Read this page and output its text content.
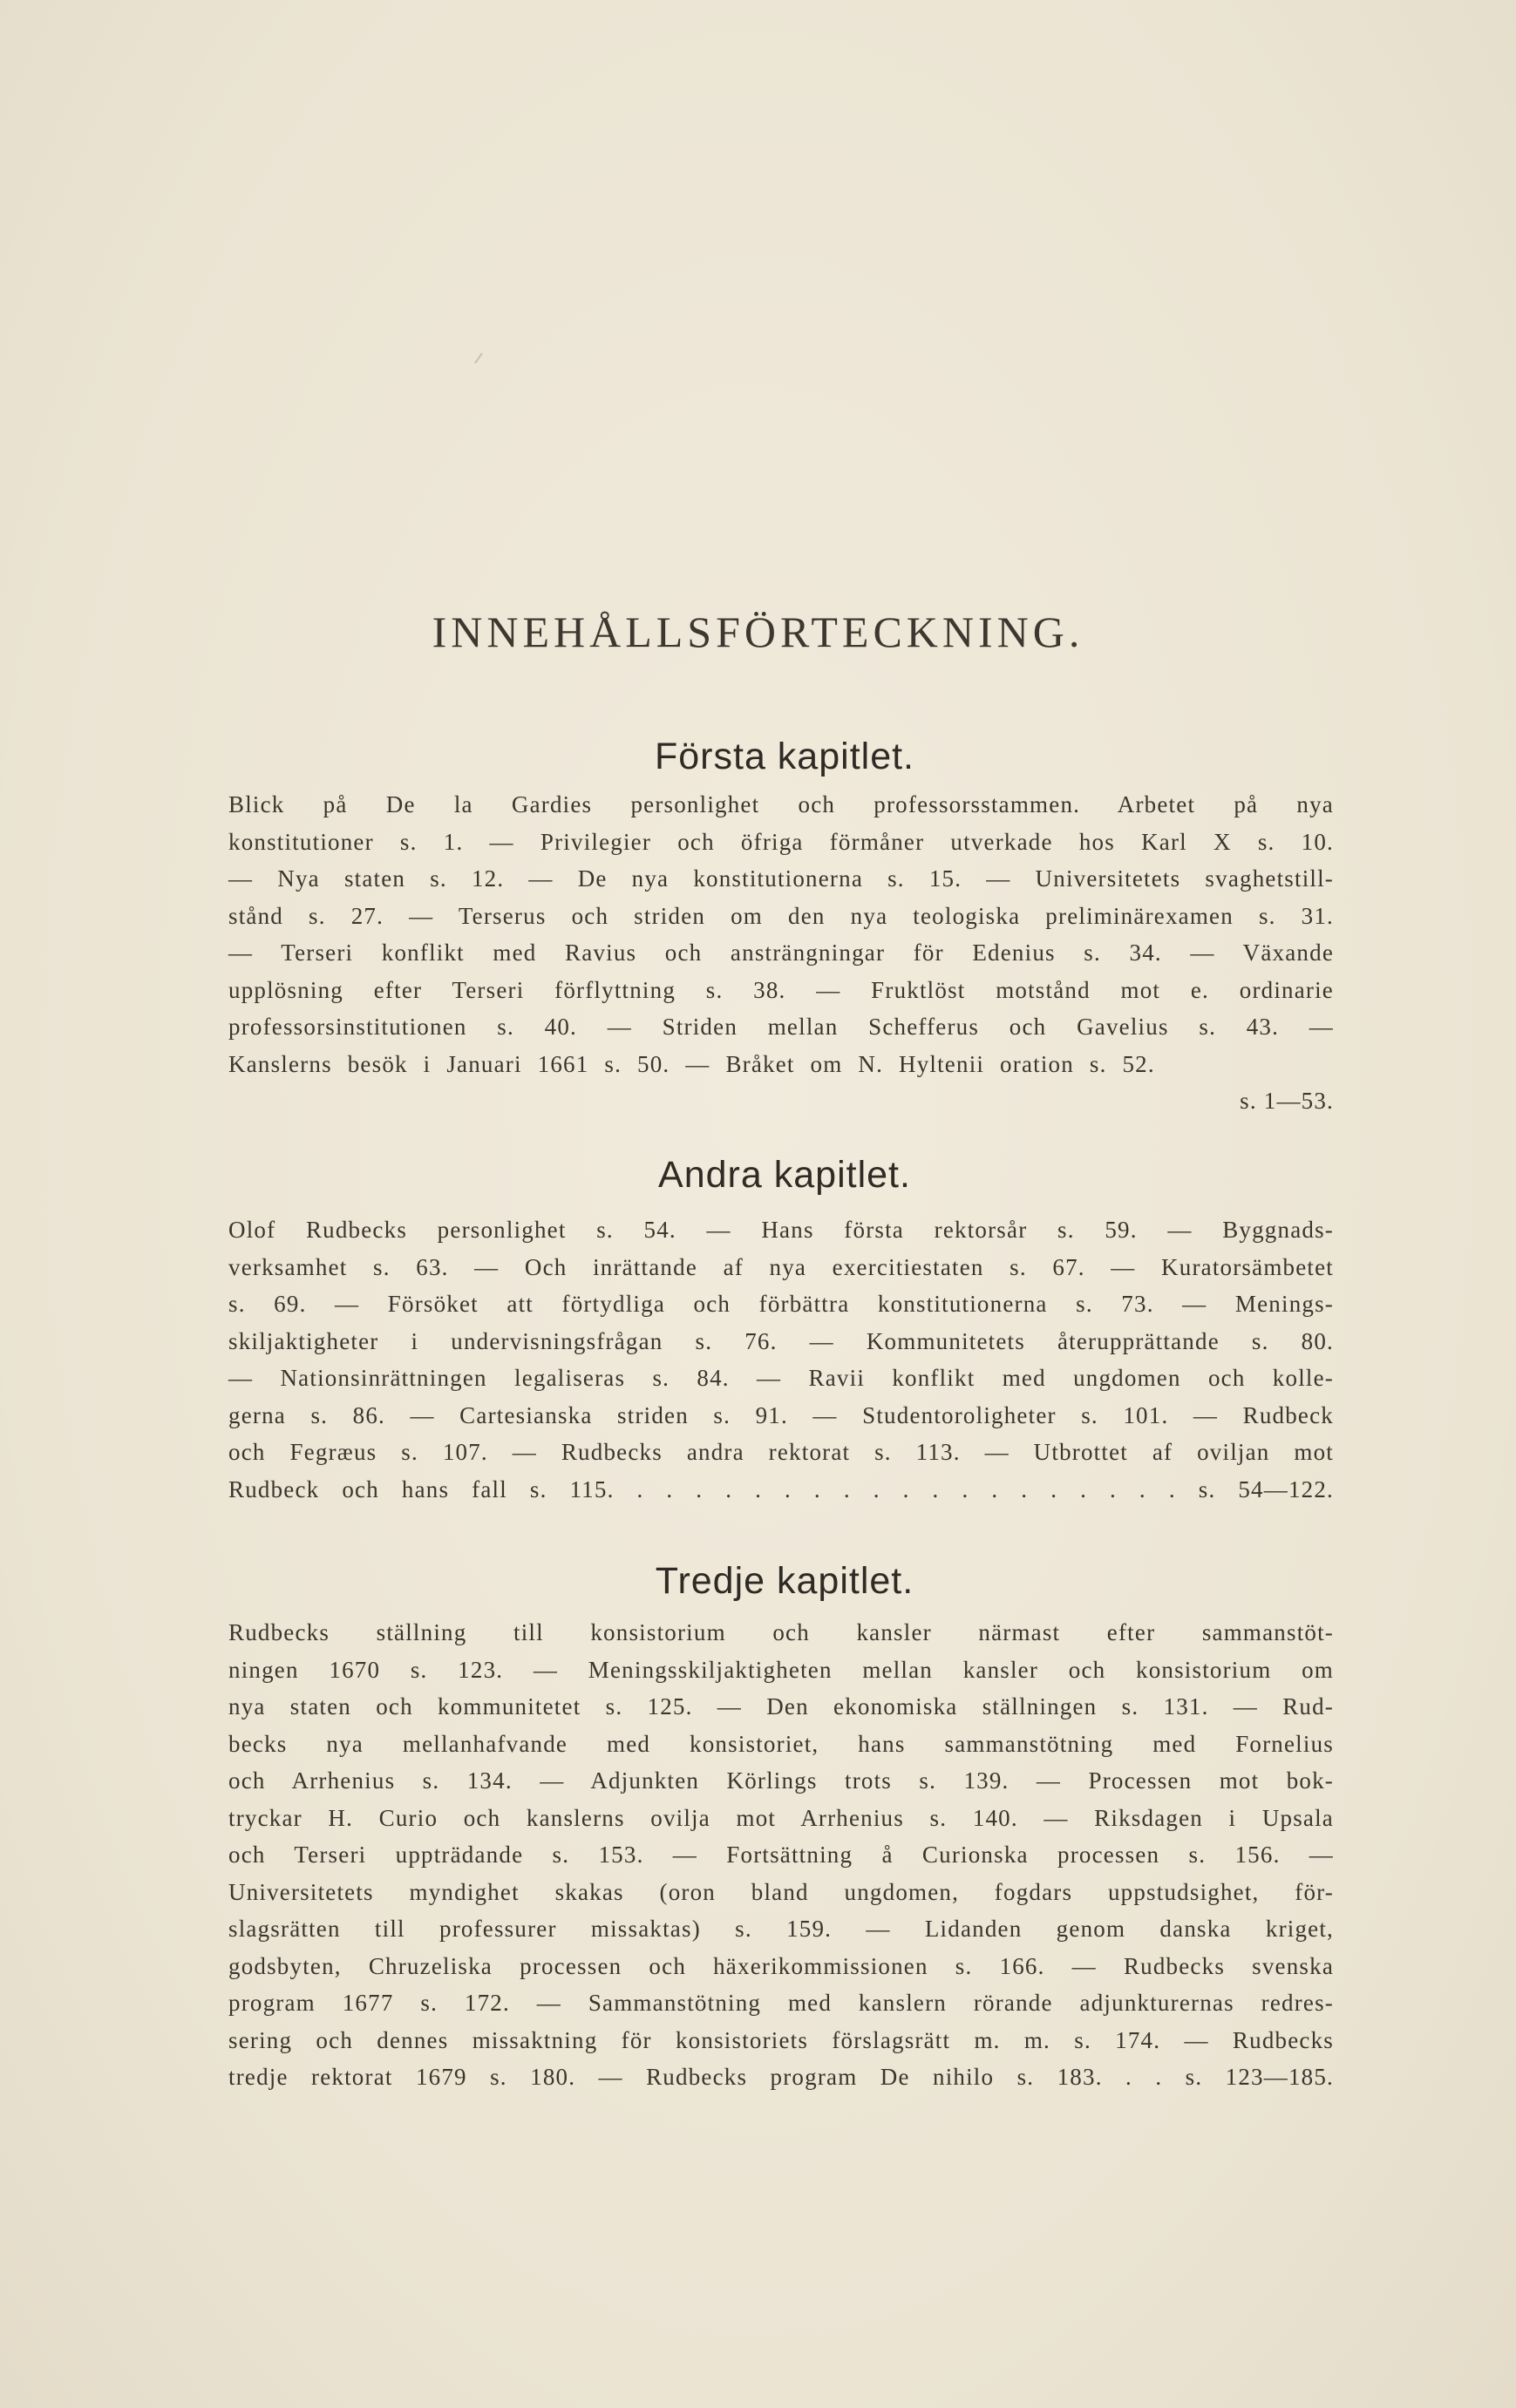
INNEHÅLLSFÖRTECKNING.
Första kapitlet.
Blick på De la Gardies personlighet och professorsstammen. Arbetet på nya
konstitutioner s. 1. — Privilegier och öfriga förmåner utverkade hos Karl X s. 10.
— Nya staten s. 12. — De nya konstitutionerna s. 15. — Universitetets svaghetstill-
stånd s. 27. — Terserus och striden om den nya teologiska preliminärexamen s. 31.
— Terseri konflikt med Ravius och ansträngningar för Edenius s. 34. — Växande
upplösning efter Terseri förflyttning s. 38. — Fruktlöst motstånd mot e. ordinarie
professorsinstitutionen s. 40. — Striden mellan Schefferus och Gavelius s. 43. —
Kanslerns besök i Januari 1661 s. 50. — Bråket om N. Hyltenii oration s. 52.
s. 1—53.
Andra kapitlet.
Olof Rudbecks personlighet s. 54. — Hans första rektorsår s. 59. — Byggnads-
verksamhet s. 63. — Och inrättande af nya exercitiestaten s. 67. — Kuratorsämbetet
s. 69. — Försöket att förtydliga och förbättra konstitutionerna s. 73. — Menings-
skiljaktigheter i undervisningsfrågan s. 76. — Kommunitetets återupprättande s. 80.
— Nationsinrättningen legaliseras s. 84. — Ravii konflikt med ungdomen och kolle-
gerna s. 86. — Cartesianska striden s. 91. — Studentoroligheter s. 101. — Rudbeck
och Fegræus s. 107. — Rudbecks andra rektorat s. 113. — Utbrottet af oviljan mot
Rudbeck och hans fall s. 115. . . . . . . . . . . . . . . . . . . . s. 54—122.
Tredje kapitlet.
Rudbecks ställning till konsistorium och kansler närmast efter sammanstöt-
ningen 1670 s. 123. — Meningsskiljaktigheten mellan kansler och konsistorium om
nya staten och kommunitetet s. 125. — Den ekonomiska ställningen s. 131. — Rud-
becks nya mellanhafvande med konsistoriet, hans sammanstötning med Fornelius
och Arrhenius s. 134. — Adjunkten Körlings trots s. 139. — Processen mot bok-
tryckar H. Curio och kanslerns ovilja mot Arrhenius s. 140. — Riksdagen i Upsala
och Terseri uppträdande s. 153. — Fortsättning å Curionska processen s. 156. —
Universitetets myndighet skakas (oron bland ungdomen, fogdars uppstudsighet, för-
slagsrätten till professurer missaktas) s. 159. — Lidanden genom danska kriget,
godsbyten, Chruzeliska processen och häxerikommissionen s. 166. — Rudbecks svenska
program 1677 s. 172. — Sammanstötning med kanslern rörande adjunkturernas redres-
sering och dennes missaktning för konsistoriets förslagsrätt m. m. s. 174. — Rudbecks
tredje rektorat 1679 s. 180. — Rudbecks program De nihilo s. 183. . . s. 123—185.
